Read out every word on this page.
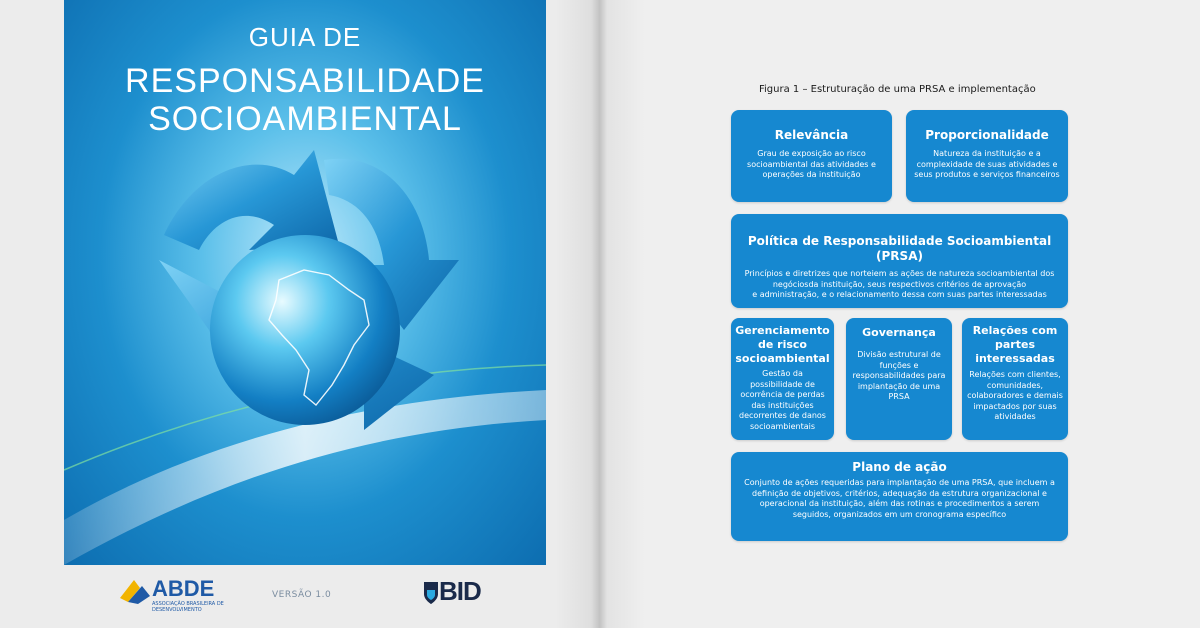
GUIA DE
RESPONSABILIDADE
SOCIOAMBIENTAL
ABDE
ASSOCIAÇÃO BRASILEIRA DE DESENVOLVIMENTO
VERSÃO 1.0	BID
Figura 1 – Estruturação de uma PRSA e implementação
Relevância

Grau de exposição ao risco socioambiental das atividades e operações da instituição

Proporcionalidade

Natureza da instituição e a complexidade de suas atividades e seus produtos e serviços financeiros

Política de Responsabilidade Socioambiental (PRSA)

Princípios e diretrizes que norteiem as ações de natureza socioambiental dos

negóciosda instituição, seus respectivos critérios de aprovação

e administração, e o relacionamento dessa com suas partes interessadas

Gerenciamento de risco socioambiental

Gestão da possibilidade de ocorrência de perdas das instituições decorrentes de danos socioambientais

Governança

Divisão estrutural de funções e responsabilidades para implantação de uma PRSA

Relações com partes interessadas

Relações com clientes, comunidades, colaboradores e demais impactados por suas atividades

Plano de ação

Conjunto de ações requeridas para implantação de uma PRSA, que incluem a definição de objetivos, critérios, adequação da estrutura organizacional e operacional da instituição, além das rotinas e procedimentos a serem seguidos, organizados em um cronograma específico
